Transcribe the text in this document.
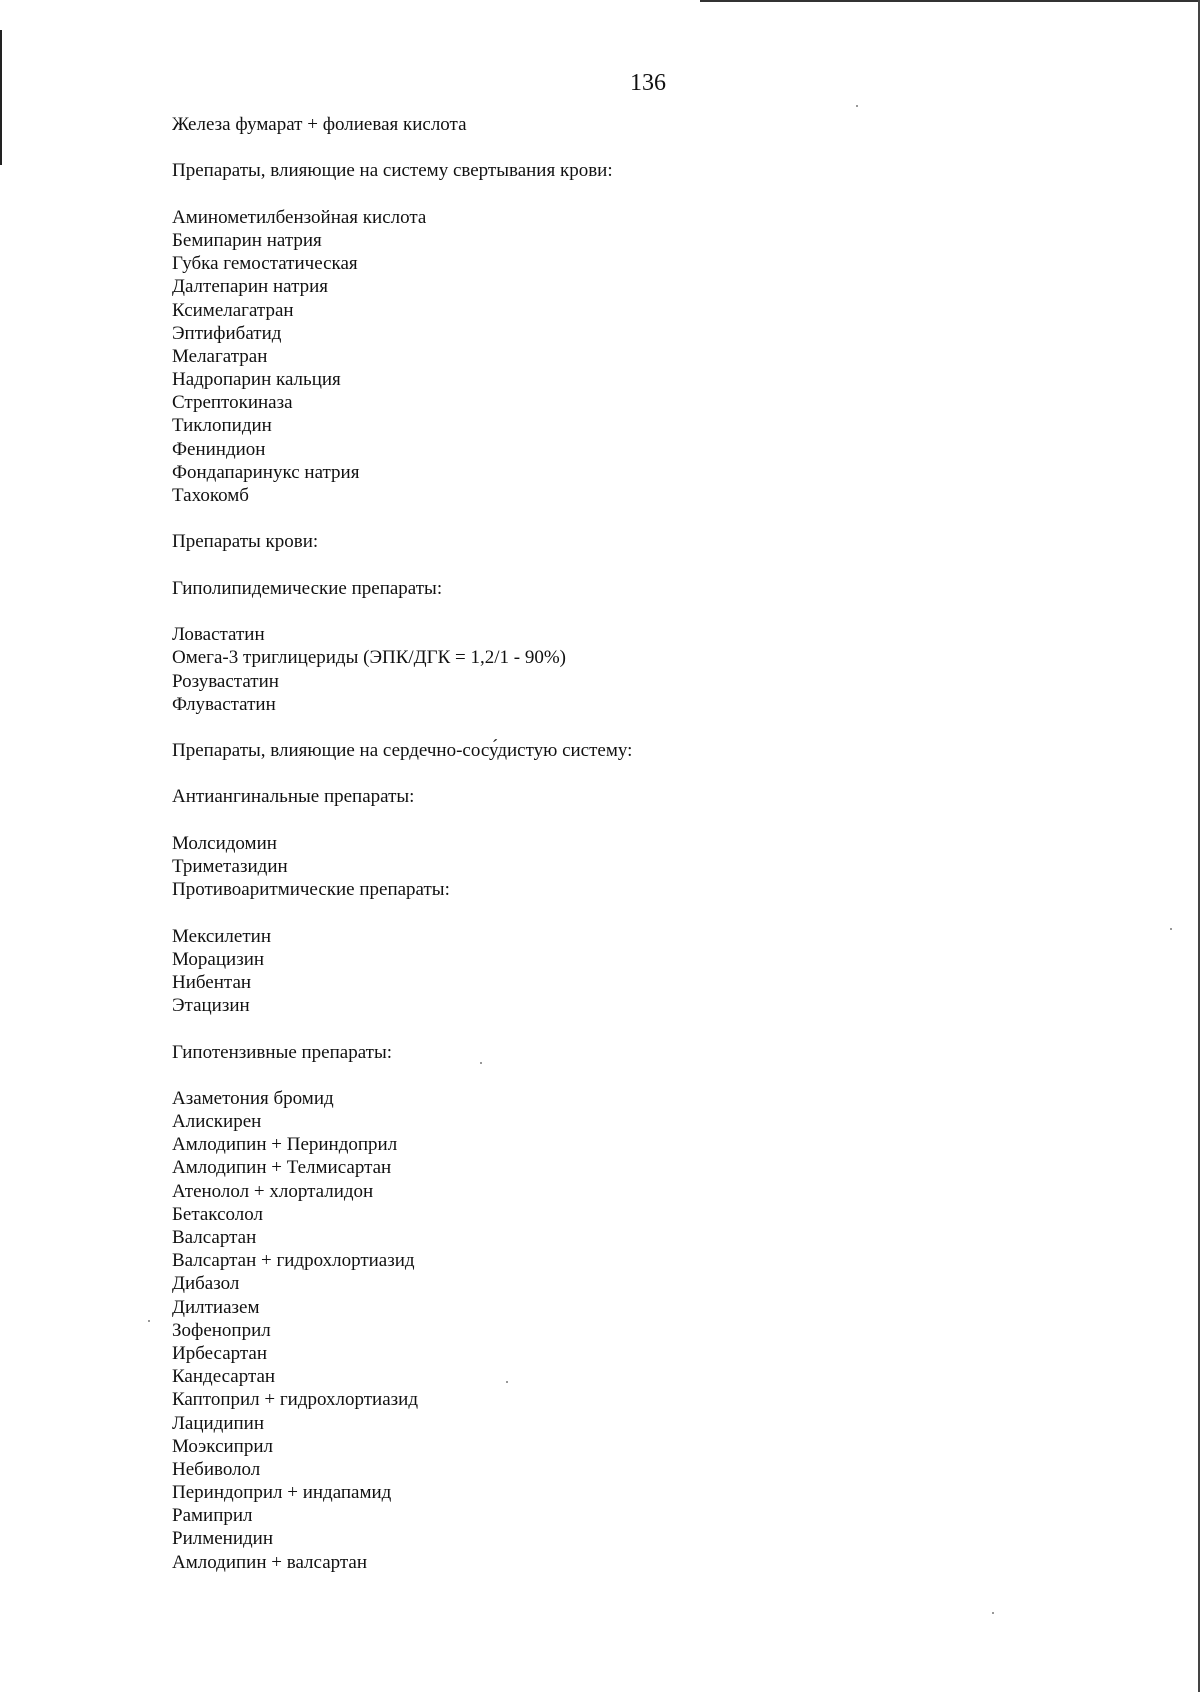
136
Железа фумарат + фолиевая кислота
Препараты, влияющие на систему свертывания крови:
Аминометилбензойная кислота
Бемипарин натрия
Губка гемостатическая
Далтепарин натрия
Ксимелагатран
Эптифибатид
Мелагатран
Надропарин кальция
Стрептокиназа
Тиклопидин
Фениндион
Фондапаринукс натрия
Тахокомб
Препараты крови:
Гиполипидемические препараты:
Ловастатин
Омега-3 триглицериды (ЭПК/ДГК = 1,2/1 - 90%)
Розувастатин
Флувастатин
Препараты, влияющие на сердечно-сосу́дистую систему:
Антиангинальные препараты:
Молсидомин
Триметазидин
Противоаритмические препараты:
Мексилетин
Морацизин
Нибентан
Этацизин
Гипотензивные препараты:
Азаметония бромид
Алискирен
Амлодипин + Периндоприл
Амлодипин + Телмисартан
Атенолол + хлорталидон
Бетаксолол
Валсартан
Валсартан + гидрохлортиазид
Дибазол
Дилтиазем
Зофеноприл
Ирбесартан
Кандесартан
Каптоприл + гидрохлортиазид
Лацидипин
Моэксиприл
Небиволол
Периндоприл + индапамид
Рамиприл
Рилменидин
Амлодипин + валсартан
